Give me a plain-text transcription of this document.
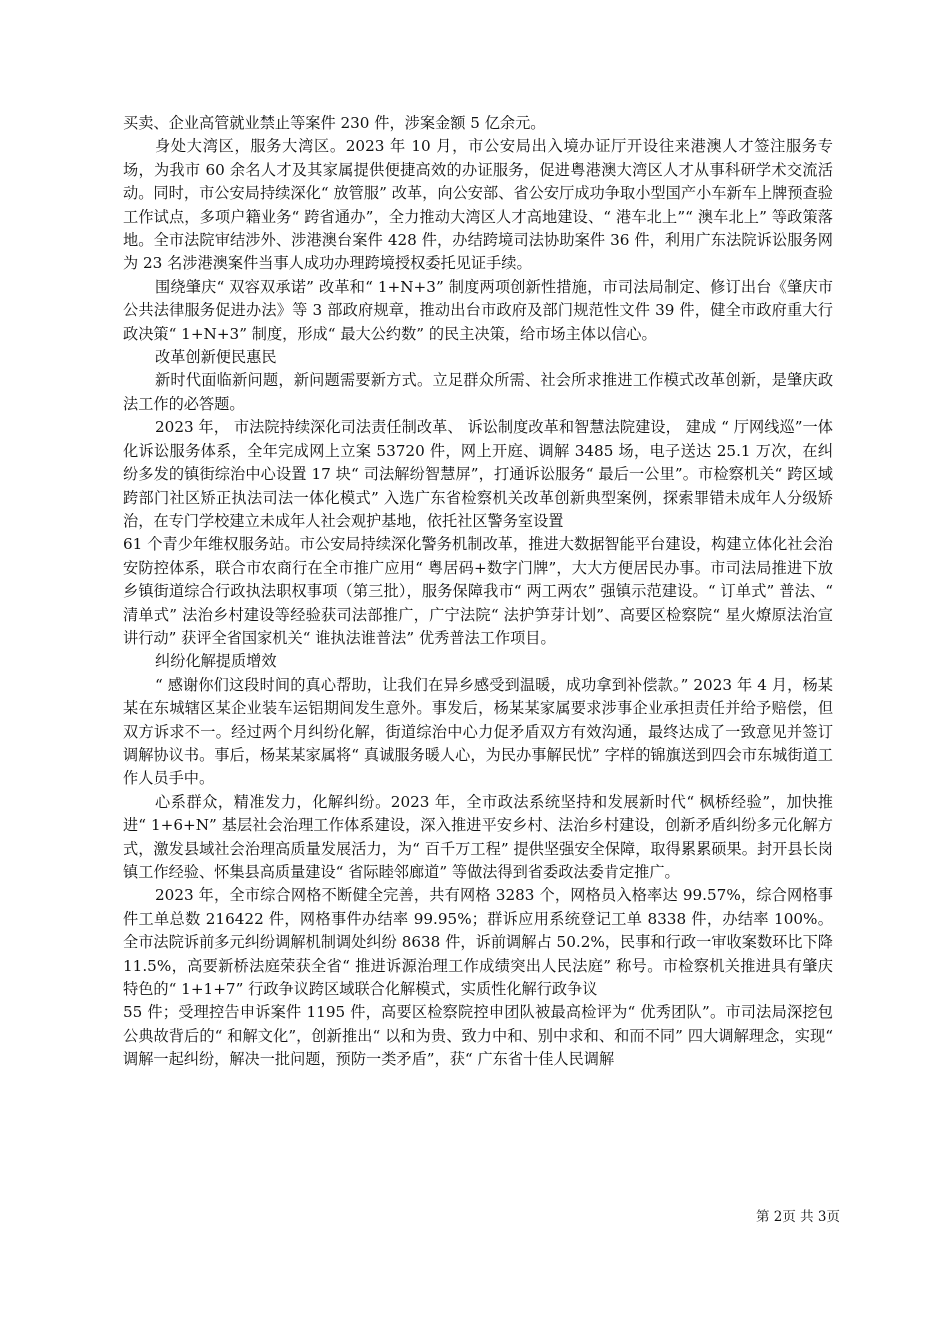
买卖、企业高管就业禁止等案件 230 件，涉案金额 5 亿余元。

身处大湾区，服务大湾区。2023 年 10 月，市公安局出入境办证厅开设往来港澳人才签注服务专场，为我市 60 余名人才及其家属提供便捷高效的办证服务，促进粤港澳大湾区人才从事科研学术交流活动。同时，市公安局持续深化“ 放管服” 改革，向公安部、省公安厅成功争取小型国产小车新车上牌预查验工作试点，多项户籍业务“ 跨省通办”，全力推动大湾区人才高地建设、“ 港车北上”“ 澳车北上” 等政策落地。全市法院审结涉外、涉港澳台案件 428 件，办结跨境司法协助案件 36 件，利用广东法院诉讼服务网为 23 名涉港澳案件当事人成功办理跨境授权委托见证手续。

围绕肇庆“ 双容双承诺” 改革和“ 1+N+3” 制度两项创新性措施，市司法局制定、修订出台《肇庆市公共法律服务促进办法》等 3 部政府规章，推动出台市政府及部门规范性文件 39 件，健全市政府重大行政决策“ 1+N+3” 制度，形成“ 最大公约数” 的民主决策，给市场主体以信心。

改革创新便民惠民

新时代面临新问题，新问题需要新方式。立足群众所需、社会所求推进工作模式改革创新，是肇庆政法工作的必答题。

2023 年， 市法院持续深化司法责任制改革、 诉讼制度改革和智慧法院建设， 建成 “ 厅网线巡”一体化诉讼服务体系，全年完成网上立案 53720 件，网上开庭、调解 3485 场，电子送达 25.1 万次，在纠纷多发的镇街综治中心设置 17 块“ 司法解纷智慧屏”，打通诉讼服务“ 最后一公里”。市检察机关“ 跨区域跨部门社区矫正执法司法一体化模式” 入选广东省检察机关改革创新典型案例，探索罪错未成年人分级矫治，在专门学校建立未成年人社会观护基地，依托社区警务室设置

61 个青少年维权服务站。市公安局持续深化警务机制改革，推进大数据智能平台建设，构建立体化社会治安防控体系，联合市农商行在全市推广应用“ 粤居码+数字门牌”，大大方便居民办事。市司法局推进下放乡镇街道综合行政执法职权事项（第三批），服务保障我市“ 两工两农” 强镇示范建设。“ 订单式” 普法、“ 清单式” 法治乡村建设等经验获司法部推广，广宁法院“ 法护笋芽计划”、高要区检察院“ 星火燎原法治宣讲行动” 获评全省国家机关“ 谁执法谁普法” 优秀普法工作项目。

纠纷化解提质增效

“ 感谢你们这段时间的真心帮助，让我们在异乡感受到温暖，成功拿到补偿款。” 2023 年 4 月，杨某某在东城辖区某企业装车运铝期间发生意外。事发后，杨某某家属要求涉事企业承担责任并给予赔偿，但双方诉求不一。经过两个月纠纷化解，街道综治中心力促矛盾双方有效沟通，最终达成了一致意见并签订调解协议书。事后，杨某某家属将“ 真诚服务暖人心，为民办事解民忧” 字样的锦旗送到四会市东城街道工作人员手中。

心系群众，精准发力，化解纠纷。2023 年，全市政法系统坚持和发展新时代“ 枫桥经验”，加快推进“ 1+6+N” 基层社会治理工作体系建设，深入推进平安乡村、法治乡村建设，创新矛盾纠纷多元化解方式，激发县域社会治理高质量发展活力，为“ 百千万工程” 提供坚强安全保障，取得累累硕果。封开县长岗镇工作经验、怀集县高质量建设“ 省际睦邻廊道” 等做法得到省委政法委肯定推广。

2023 年，全市综合网格不断健全完善，共有网格 3283 个，网格员入格率达 99.57%，综合网格事件工单总数 216422 件，网格事件办结率 99.95%；群诉应用系统登记工单 8338 件，办结率 100%。全市法院诉前多元纠纷调解机制调处纠纷 8638 件，诉前调解占 50.2%，民事和行政一审收案数环比下降 11.5%，高要新桥法庭荣获全省“ 推进诉源治理工作成绩突出人民法庭” 称号。市检察机关推进具有肇庆特色的“ 1+1+7” 行政争议跨区域联合化解模式，实质性化解行政争议

55 件；受理控告申诉案件 1195 件，高要区检察院控申团队被最高检评为“ 优秀团队”。市司法局深挖包公典故背后的“ 和解文化”，创新推出“ 以和为贵、致力中和、别中求和、和而不同” 四大调解理念，实现“ 调解一起纠纷，解决一批问题，预防一类矛盾”，获“ 广东省十佳人民调解

第 2页 共 3页
